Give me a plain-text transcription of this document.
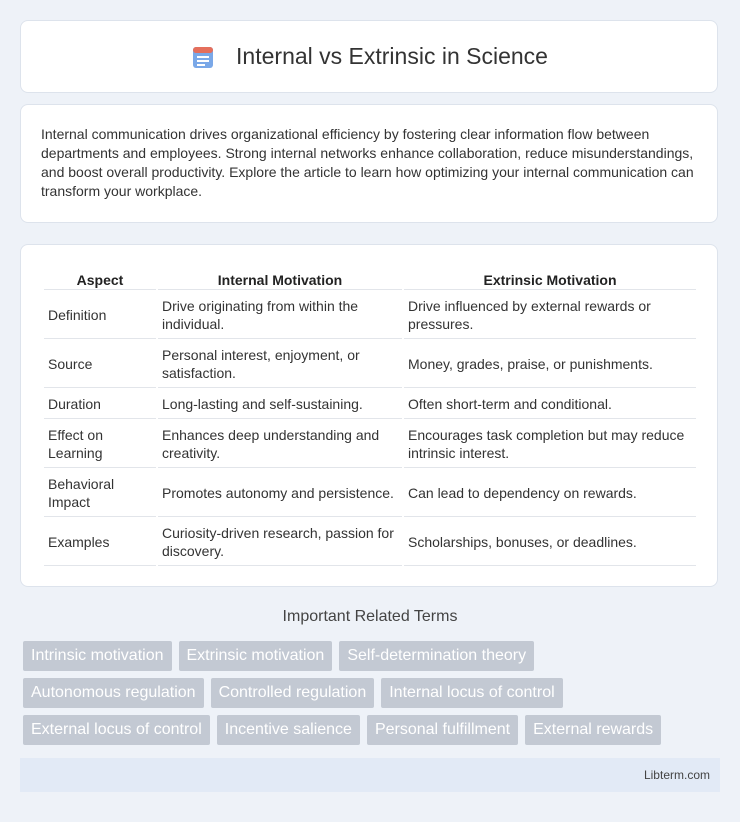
Internal vs Extrinsic in Science

Internal communication drives organizational efficiency by fostering clear information flow between departments and employees. Strong internal networks enhance collaboration, reduce misunderstandings, and boost overall productivity. Explore the article to learn how optimizing your internal communication can transform your workplace.

Aspect	Internal Motivation	Extrinsic Motivation
Definition	Drive originating from within the individual.	Drive influenced by external rewards or pressures.
Source	Personal interest, enjoyment, or satisfaction.	Money, grades, praise, or punishments.
Duration	Long-lasting and self-sustaining.	Often short-term and conditional.
Effect on Learning	Enhances deep understanding and creativity.	Encourages task completion but may reduce intrinsic interest.
Behavioral Impact	Promotes autonomy and persistence.	Can lead to dependency on rewards.
Examples	Curiosity-driven research, passion for discovery.	Scholarships, bonuses, or deadlines.
Important Related Terms
Intrinsic motivation	Extrinsic motivation	Self-determination theory
Autonomous regulation	Controlled regulation	Internal locus of control
External locus of control	Incentive salience	Personal fulfillment	External rewards
Libterm.com
